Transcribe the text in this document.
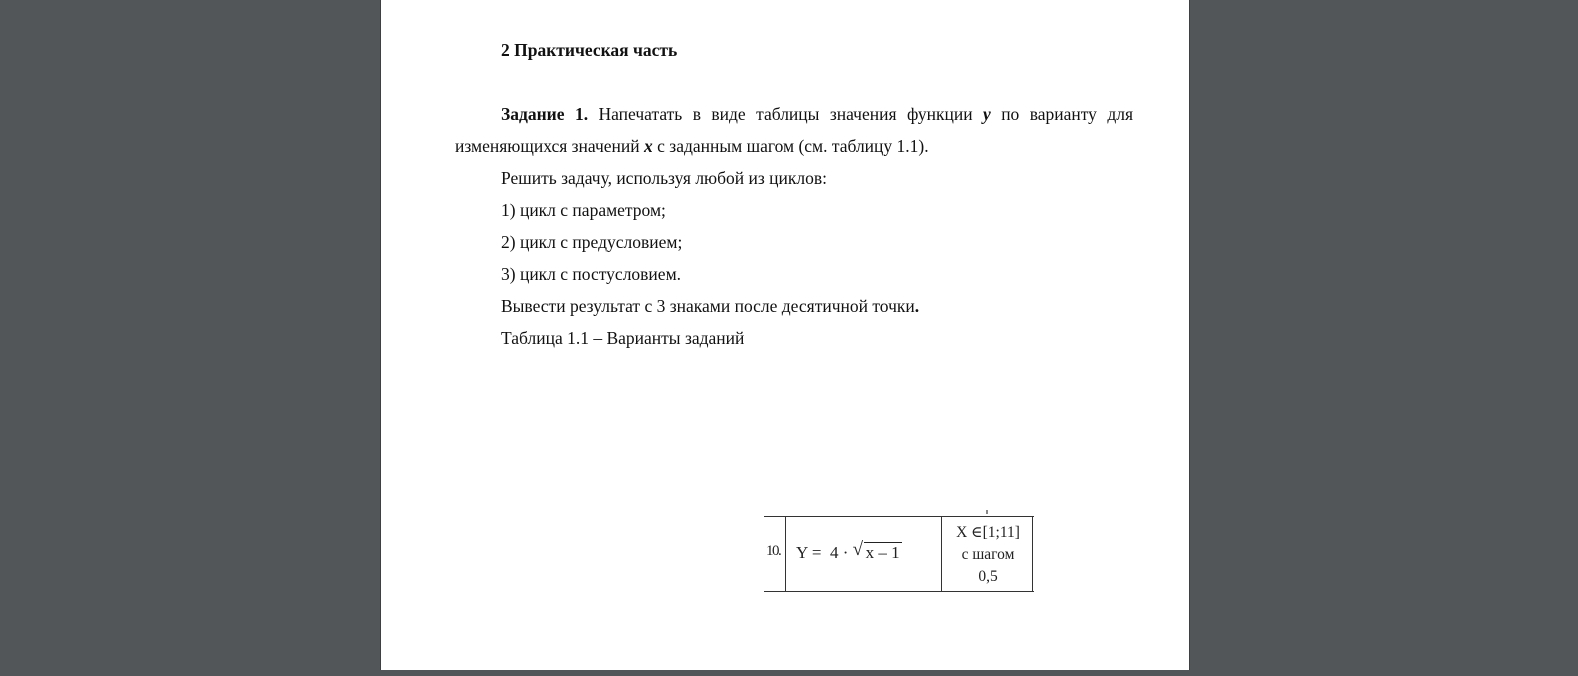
2 Практическая часть
Задание 1. Напечатать в виде таблицы значения функции y по варианту для
изменяющихся значений x с заданным шагом (см. таблицу 1.1).
Решить задачу, используя любой из циклов:
1) цикл с параметром;
2) цикл с предусловием;
3) цикл с постусловием.
Вывести результат с 3 знаками после десятичной точки.
Таблица 1.1 – Варианты заданий
10. Y = 4 · √ x – 1
X ∈[1;11]
с шагом
0,5
